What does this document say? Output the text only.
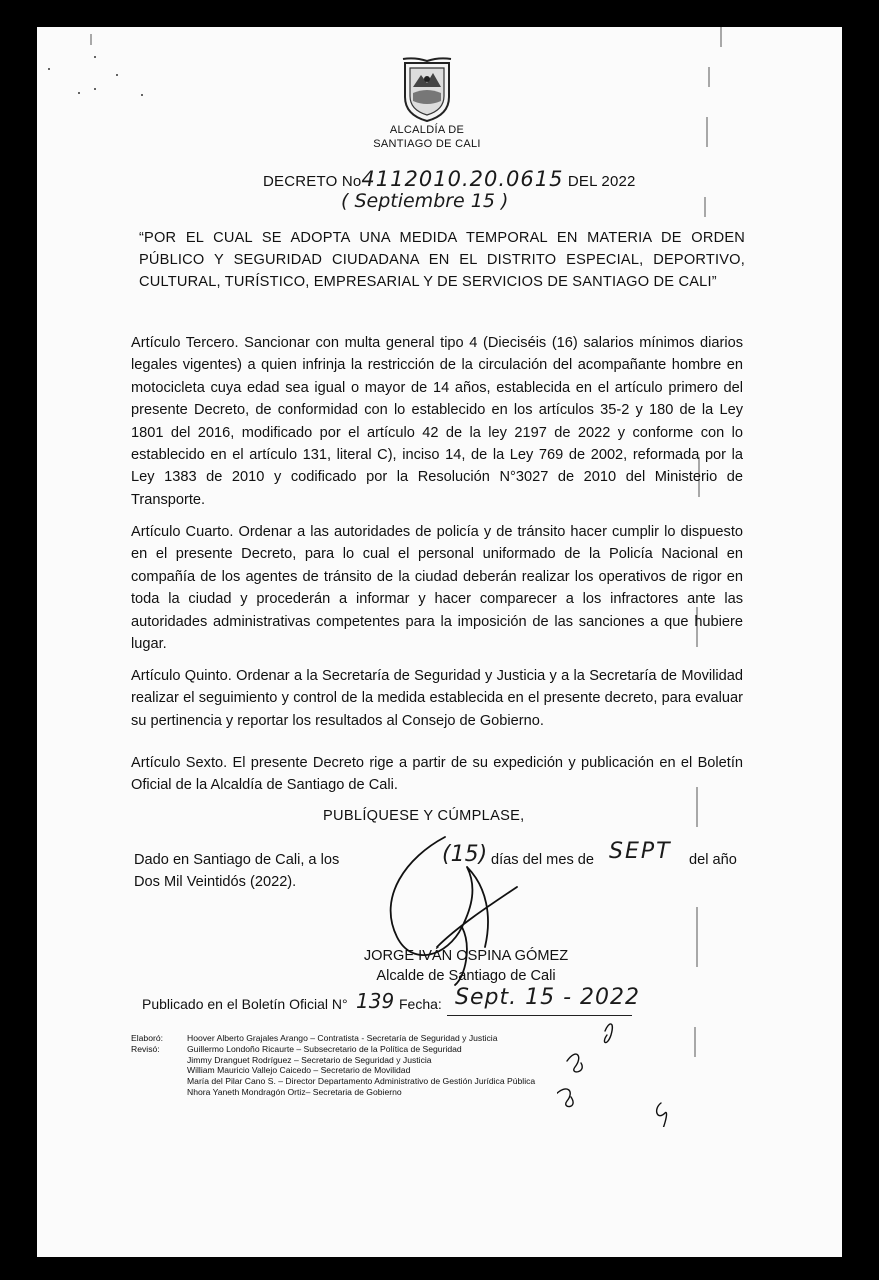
ALCALDÍA DE
SANTIAGO DE CALI
DECRETO No4112010.20.0615 DEL 2022
( Septiembre 15 )
“POR EL CUAL SE ADOPTA UNA MEDIDA TEMPORAL EN MATERIA DE ORDEN PÚBLICO Y SEGURIDAD CIUDADANA EN EL DISTRITO ESPECIAL, DEPORTIVO, CULTURAL, TURÍSTICO, EMPRESARIAL Y DE SERVICIOS DE SANTIAGO DE CALI”
Artículo Tercero. Sancionar con multa general tipo 4 (Dieciséis (16) salarios mínimos diarios legales vigentes) a quien infrinja la restricción de la circulación del acompañante hombre en motocicleta cuya edad sea igual o mayor de 14 años, establecida en el artículo primero del presente Decreto, de conformidad con lo establecido en los artículos 35-2 y 180 de la Ley 1801 del 2016, modificado por el artículo 42 de la ley 2197 de 2022 y conforme con lo establecido en el artículo 131, literal C), inciso 14, de la Ley 769 de 2002, reformada por la Ley 1383 de 2010 y codificado por la Resolución N°3027 de 2010 del Ministerio de Transporte.
Artículo Cuarto. Ordenar a las autoridades de policía y de tránsito hacer cumplir lo dispuesto en el presente Decreto, para lo cual el personal uniformado de la Policía Nacional en compañía de los agentes de tránsito de la ciudad deberán realizar los operativos de rigor en toda la ciudad y procederán a informar y hacer comparecer a los infractores ante las autoridades administrativas competentes para la imposición de las sanciones a que hubiere lugar.
Artículo Quinto. Ordenar a la Secretaría de Seguridad y Justicia y a la Secretaría de Movilidad realizar el seguimiento y control de la medida establecida en el presente decreto, para evaluar su pertinencia y reportar los resultados al Consejo de Gobierno.
Artículo Sexto. El presente Decreto rige a partir de su expedición y publicación en el Boletín Oficial de la Alcaldía de Santiago de Cali.
PUBLÍQUESE Y CÚMPLASE,
Dado en Santiago de Cali, a los	(15) días del mes de SEPT del año
Dos Mil Veintidós (2022).
JORGE IVÁN OSPINA GÓMEZ
Alcalde de Santiago de Cali
Publicado en el Boletín Oficial N° 139 Fecha: Sept. 15 - 2022
Elaboró:	Hoover Alberto Grajales Arango – Contratista - Secretaría de Seguridad y Justicia
Revisó:	Guillermo Londoño Ricaurte – Subsecretario de la Política de Seguridad
Jimmy Dranguet Rodríguez – Secretario de Seguridad y Justicia
William Mauricio Vallejo Caicedo – Secretario de Movilidad
María del Pilar Cano S. – Director Departamento Administrativo de Gestión Jurídica Pública
Nhora Yaneth Mondragón Ortiz– Secretaria de Gobierno
